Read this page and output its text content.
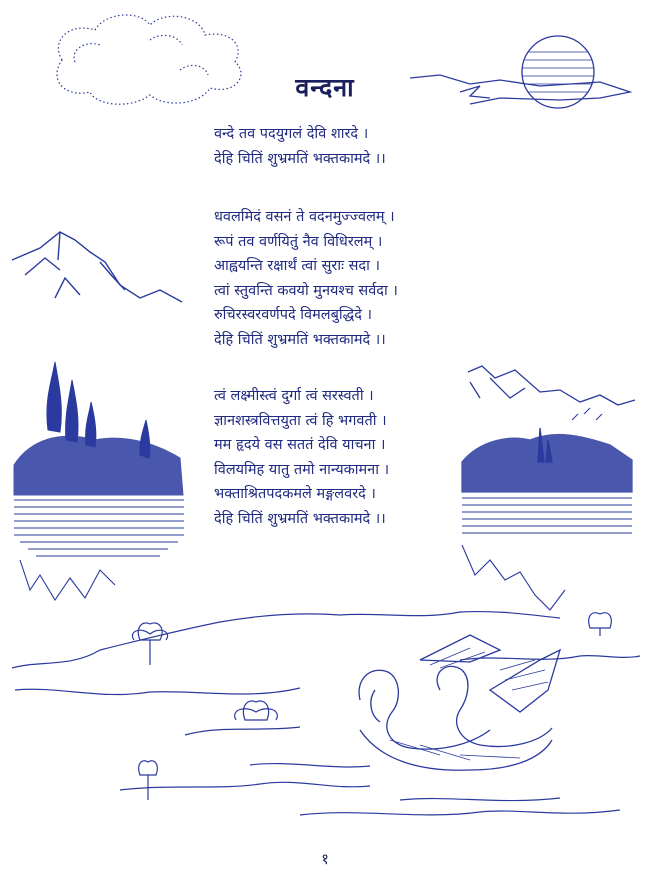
वन्दना
वन्दे तव पदयुगलं देवि शारदे ।
देहि चितिं शुभ्रमतिं भक्तकामदे ।।
धवलमिदं वसनं ते वदनमुज्ज्वलम् ।
रूपं तव वर्णयितुं नैव विधिरलम् ।
आह्वयन्ति रक्षार्थं त्वां सुराः सदा ।
त्वां स्तुवन्ति कवयो मुनयश्च सर्वदा ।
रुचिरस्वरवर्णपदे विमलबुद्धिदे ।
देहि चितिं शुभ्रमतिं भक्तकामदे ।।
त्वं लक्ष्मीस्त्वं दुर्गा त्वं सरस्वती ।
ज्ञानशस्त्रवित्तयुता त्वं हि भगवती ।
मम हृदये वस सततं देवि याचना ।
विलयमिह यातु तमो नान्यकामना ।
भक्ताश्रितपदकमले मङ्गलवरदे ।
देहि चितिं शुभ्रमतिं भक्तकामदे ।।
१
